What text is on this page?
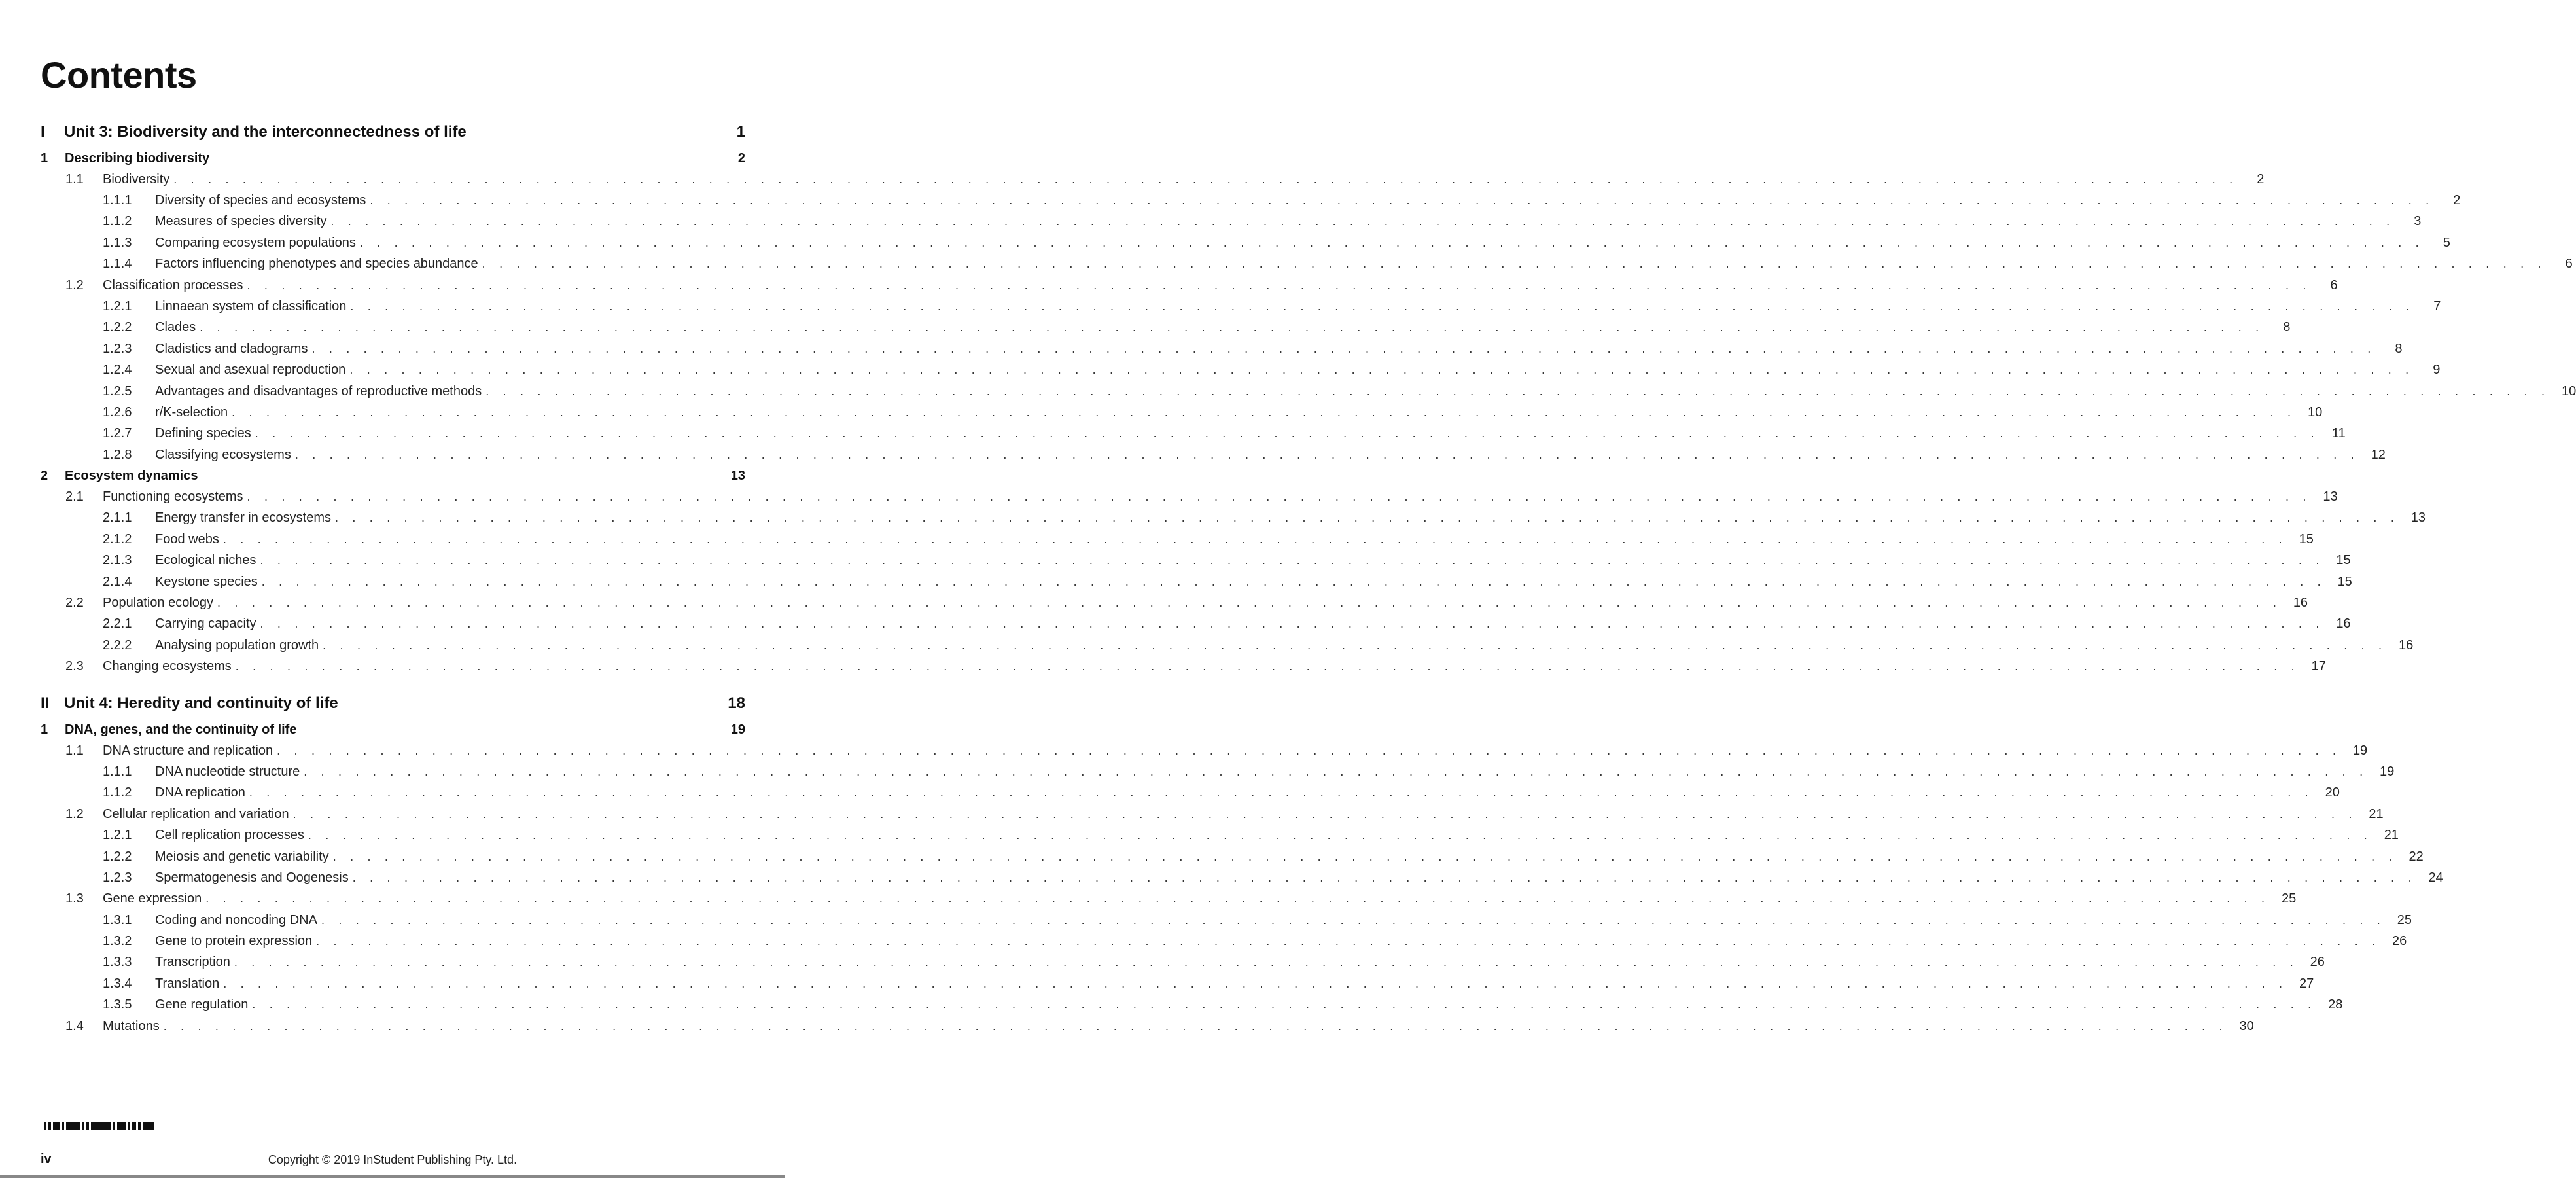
Contents
I	Unit 3: Biodiversity and the interconnectedness of life	1
1	Describing biodiversity	2
1.1	Biodiversity . . . . . . . . . . . . . . . . . . . . . . . . . . . . . . . . . . . . . . . . . . . . . . . . . . . . . . . . . . . . . . . . . . . . . . . . . . . . . . . . . . . . . . . . . . . . . . . . . . . . . . . . . . . . . . . . . . . . . . . .	2
1.1.1	Diversity of species and ecosystems . . . . . . . . . . . . . . . . . . . . . . . . . . . . . . . . . . . . . . . . . . . . . . . . . . . . . . . . . . . . . . . . . . . . . . . . . . . . . . . . . . . . . . . . . . . . . . . . . . . . . . . . . . . . . . . . . . . . . . . .	2
1.1.2	Measures of species diversity . . . . . . . . . . . . . . . . . . . . . . . . . . . . . . . . . . . . . . . . . . . . . . . . . . . . . . . . . . . . . . . . . . . . . . . . . . . . . . . . . . . . . . . . . . . . . . . . . . . . . . . . . . . . . . . . . . . . . . . .	3
1.1.3	Comparing ecosystem populations . . . . . . . . . . . . . . . . . . . . . . . . . . . . . . . . . . . . . . . . . . . . . . . . . . . . . . . . . . . . . . . . . . . . . . . . . . . . . . . . . . . . . . . . . . . . . . . . . . . . . . . . . . . . . . . . . . . . . . . .	5
1.1.4	Factors influencing phenotypes and species abundance . . . . . . . . . . . . . . . . . . . . . . . . . . . . . . . . . . . . . . . . . . . . . . . . . . . . . . . . . . . . . . . . . . . . . . . . . . . . . . . . . . . . . . . . . . . . . . . . . . . . . . . . . . . . . . . . . . . . . . . .	6
1.2	Classification processes . . . . . . . . . . . . . . . . . . . . . . . . . . . . . . . . . . . . . . . . . . . . . . . . . . . . . . . . . . . . . . . . . . . . . . . . . . . . . . . . . . . . . . . . . . . . . . . . . . . . . . . . . . . . . . . . . . . . . . . .	6
1.2.1	Linnaean system of classification . . . . . . . . . . . . . . . . . . . . . . . . . . . . . . . . . . . . . . . . . . . . . . . . . . . . . . . . . . . . . . . . . . . . . . . . . . . . . . . . . . . . . . . . . . . . . . . . . . . . . . . . . . . . . . . . . . . . . . . .	7
1.2.2	Clades . . . . . . . . . . . . . . . . . . . . . . . . . . . . . . . . . . . . . . . . . . . . . . . . . . . . . . . . . . . . . . . . . . . . . . . . . . . . . . . . . . . . . . . . . . . . . . . . . . . . . . . . . . . . . . . . . . . . . . . .	8
1.2.3	Cladistics and cladograms . . . . . . . . . . . . . . . . . . . . . . . . . . . . . . . . . . . . . . . . . . . . . . . . . . . . . . . . . . . . . . . . . . . . . . . . . . . . . . . . . . . . . . . . . . . . . . . . . . . . . . . . . . . . . . . . . . . . . . . .	8
1.2.4	Sexual and asexual reproduction . . . . . . . . . . . . . . . . . . . . . . . . . . . . . . . . . . . . . . . . . . . . . . . . . . . . . . . . . . . . . . . . . . . . . . . . . . . . . . . . . . . . . . . . . . . . . . . . . . . . . . . . . . . . . . . . . . . . . . . .	9
1.2.5	Advantages and disadvantages of reproductive methods . . . . . . . . . . . . . . . . . . . . . . . . . . . . . . . . . . . . . . . . . . . . . . . . . . . . . . . . . . . . . . . . . . . . . . . . . . . . . . . . . . . . . . . . . . . . . . . . . . . . . . . . . . . . . . . . . . . . . . . . 10
1.2.6	r/K-selection . . . . . . . . . . . . . . . . . . . . . . . . . . . . . . . . . . . . . . . . . . . . . . . . . . . . . . . . . . . . . . . . . . . . . . . . . . . . . . . . . . . . . . . . . . . . . . . . . . . . . . . . . . . . . . . . . . . . . . . . 10
1.2.7	Defining species . . . . . . . . . . . . . . . . . . . . . . . . . . . . . . . . . . . . . . . . . . . . . . . . . . . . . . . . . . . . . . . . . . . . . . . . . . . . . . . . . . . . . . . . . . . . . . . . . . . . . . . . . . . . . . . . . . . . . . . . 11
1.2.8	Classifying ecosystems . . . . . . . . . . . . . . . . . . . . . . . . . . . . . . . . . . . . . . . . . . . . . . . . . . . . . . . . . . . . . . . . . . . . . . . . . . . . . . . . . . . . . . . . . . . . . . . . . . . . . . . . . . . . . . . . . . . . . . . . 12
2	Ecosystem dynamics	13
2.1	Functioning ecosystems . . . . . . . . . . . . . . . . . . . . . . . . . . . . . . . . . . . . . . . . . . . . . . . . . . . . . . . . . . . . . . . . . . . . . . . . . . . . . . . . . . . . . . . . . . . . . . . . . . . . . . . . . . . . . . . . . . . . . . . . 13
2.1.1	Energy transfer in ecosystems . . . . . . . . . . . . . . . . . . . . . . . . . . . . . . . . . . . . . . . . . . . . . . . . . . . . . . . . . . . . . . . . . . . . . . . . . . . . . . . . . . . . . . . . . . . . . . . . . . . . . . . . . . . . . . . . . . . . . . . . 13
2.1.2	Food webs . . . . . . . . . . . . . . . . . . . . . . . . . . . . . . . . . . . . . . . . . . . . . . . . . . . . . . . . . . . . . . . . . . . . . . . . . . . . . . . . . . . . . . . . . . . . . . . . . . . . . . . . . . . . . . . . . . . . . . . . 15
2.1.3	Ecological niches . . . . . . . . . . . . . . . . . . . . . . . . . . . . . . . . . . . . . . . . . . . . . . . . . . . . . . . . . . . . . . . . . . . . . . . . . . . . . . . . . . . . . . . . . . . . . . . . . . . . . . . . . . . . . . . . . . . . . . . . 15
2.1.4	Keystone species . . . . . . . . . . . . . . . . . . . . . . . . . . . . . . . . . . . . . . . . . . . . . . . . . . . . . . . . . . . . . . . . . . . . . . . . . . . . . . . . . . . . . . . . . . . . . . . . . . . . . . . . . . . . . . . . . . . . . . . . 15
2.2	Population ecology . . . . . . . . . . . . . . . . . . . . . . . . . . . . . . . . . . . . . . . . . . . . . . . . . . . . . . . . . . . . . . . . . . . . . . . . . . . . . . . . . . . . . . . . . . . . . . . . . . . . . . . . . . . . . . . . . . . . . . . . 16
2.2.1	Carrying capacity . . . . . . . . . . . . . . . . . . . . . . . . . . . . . . . . . . . . . . . . . . . . . . . . . . . . . . . . . . . . . . . . . . . . . . . . . . . . . . . . . . . . . . . . . . . . . . . . . . . . . . . . . . . . . . . . . . . . . . . . 16
2.2.2	Analysing population growth . . . . . . . . . . . . . . . . . . . . . . . . . . . . . . . . . . . . . . . . . . . . . . . . . . . . . . . . . . . . . . . . . . . . . . . . . . . . . . . . . . . . . . . . . . . . . . . . . . . . . . . . . . . . . . . . . . . . . . . . 16
2.3	Changing ecosystems . . . . . . . . . . . . . . . . . . . . . . . . . . . . . . . . . . . . . . . . . . . . . . . . . . . . . . . . . . . . . . . . . . . . . . . . . . . . . . . . . . . . . . . . . . . . . . . . . . . . . . . . . . . . . . . . . . . . . . . . 17
II Unit 4: Heredity and continuity of life	18
1	DNA, genes, and the continuity of life	19
1.1	DNA structure and replication . . . . . . . . . . . . . . . . . . . . . . . . . . . . . . . . . . . . . . . . . . . . . . . . . . . . . . . . . . . . . . . . . . . . . . . . . . . . . . . . . . . . . . . . . . . . . . . . . . . . . . . . . . . . . . . . . . . . . . . . 19
1.1.1	DNA nucleotide structure . . . . . . . . . . . . . . . . . . . . . . . . . . . . . . . . . . . . . . . . . . . . . . . . . . . . . . . . . . . . . . . . . . . . . . . . . . . . . . . . . . . . . . . . . . . . . . . . . . . . . . . . . . . . . . . . . . . . . . . . 19
1.1.2	DNA replication . . . . . . . . . . . . . . . . . . . . . . . . . . . . . . . . . . . . . . . . . . . . . . . . . . . . . . . . . . . . . . . . . . . . . . . . . . . . . . . . . . . . . . . . . . . . . . . . . . . . . . . . . . . . . . . . . . . . . . . . 20
1.2	Cellular replication and variation . . . . . . . . . . . . . . . . . . . . . . . . . . . . . . . . . . . . . . . . . . . . . . . . . . . . . . . . . . . . . . . . . . . . . . . . . . . . . . . . . . . . . . . . . . . . . . . . . . . . . . . . . . . . . . . . . . . . . . . . 21
1.2.1	Cell replication processes . . . . . . . . . . . . . . . . . . . . . . . . . . . . . . . . . . . . . . . . . . . . . . . . . . . . . . . . . . . . . . . . . . . . . . . . . . . . . . . . . . . . . . . . . . . . . . . . . . . . . . . . . . . . . . . . . . . . . . . . 21
1.2.2	Meiosis and genetic variability . . . . . . . . . . . . . . . . . . . . . . . . . . . . . . . . . . . . . . . . . . . . . . . . . . . . . . . . . . . . . . . . . . . . . . . . . . . . . . . . . . . . . . . . . . . . . . . . . . . . . . . . . . . . . . . . . . . . . . . . 22
1.2.3	Spermatogenesis and Oogenesis . . . . . . . . . . . . . . . . . . . . . . . . . . . . . . . . . . . . . . . . . . . . . . . . . . . . . . . . . . . . . . . . . . . . . . . . . . . . . . . . . . . . . . . . . . . . . . . . . . . . . . . . . . . . . . . . . . . . . . . . 24
1.3	Gene expression . . . . . . . . . . . . . . . . . . . . . . . . . . . . . . . . . . . . . . . . . . . . . . . . . . . . . . . . . . . . . . . . . . . . . . . . . . . . . . . . . . . . . . . . . . . . . . . . . . . . . . . . . . . . . . . . . . . . . . . . 25
1.3.1	Coding and noncoding DNA . . . . . . . . . . . . . . . . . . . . . . . . . . . . . . . . . . . . . . . . . . . . . . . . . . . . . . . . . . . . . . . . . . . . . . . . . . . . . . . . . . . . . . . . . . . . . . . . . . . . . . . . . . . . . . . . . . . . . . . . 25
1.3.2	Gene to protein expression . . . . . . . . . . . . . . . . . . . . . . . . . . . . . . . . . . . . . . . . . . . . . . . . . . . . . . . . . . . . . . . . . . . . . . . . . . . . . . . . . . . . . . . . . . . . . . . . . . . . . . . . . . . . . . . . . . . . . . . . 26
1.3.3	Transcription . . . . . . . . . . . . . . . . . . . . . . . . . . . . . . . . . . . . . . . . . . . . . . . . . . . . . . . . . . . . . . . . . . . . . . . . . . . . . . . . . . . . . . . . . . . . . . . . . . . . . . . . . . . . . . . . . . . . . . . . 26
1.3.4	Translation . . . . . . . . . . . . . . . . . . . . . . . . . . . . . . . . . . . . . . . . . . . . . . . . . . . . . . . . . . . . . . . . . . . . . . . . . . . . . . . . . . . . . . . . . . . . . . . . . . . . . . . . . . . . . . . . . . . . . . . . 27
1.3.5	Gene regulation . . . . . . . . . . . . . . . . . . . . . . . . . . . . . . . . . . . . . . . . . . . . . . . . . . . . . . . . . . . . . . . . . . . . . . . . . . . . . . . . . . . . . . . . . . . . . . . . . . . . . . . . . . . . . . . . . . . . . . . . 28
1.4	Mutations . . . . . . . . . . . . . . . . . . . . . . . . . . . . . . . . . . . . . . . . . . . . . . . . . . . . . . . . . . . . . . . . . . . . . . . . . . . . . . . . . . . . . . . . . . . . . . . . . . . . . . . . . . . . . . . . . . . . . . . . 30
iv	Copyright © 2019 InStudent Publishing Pty. Ltd.
